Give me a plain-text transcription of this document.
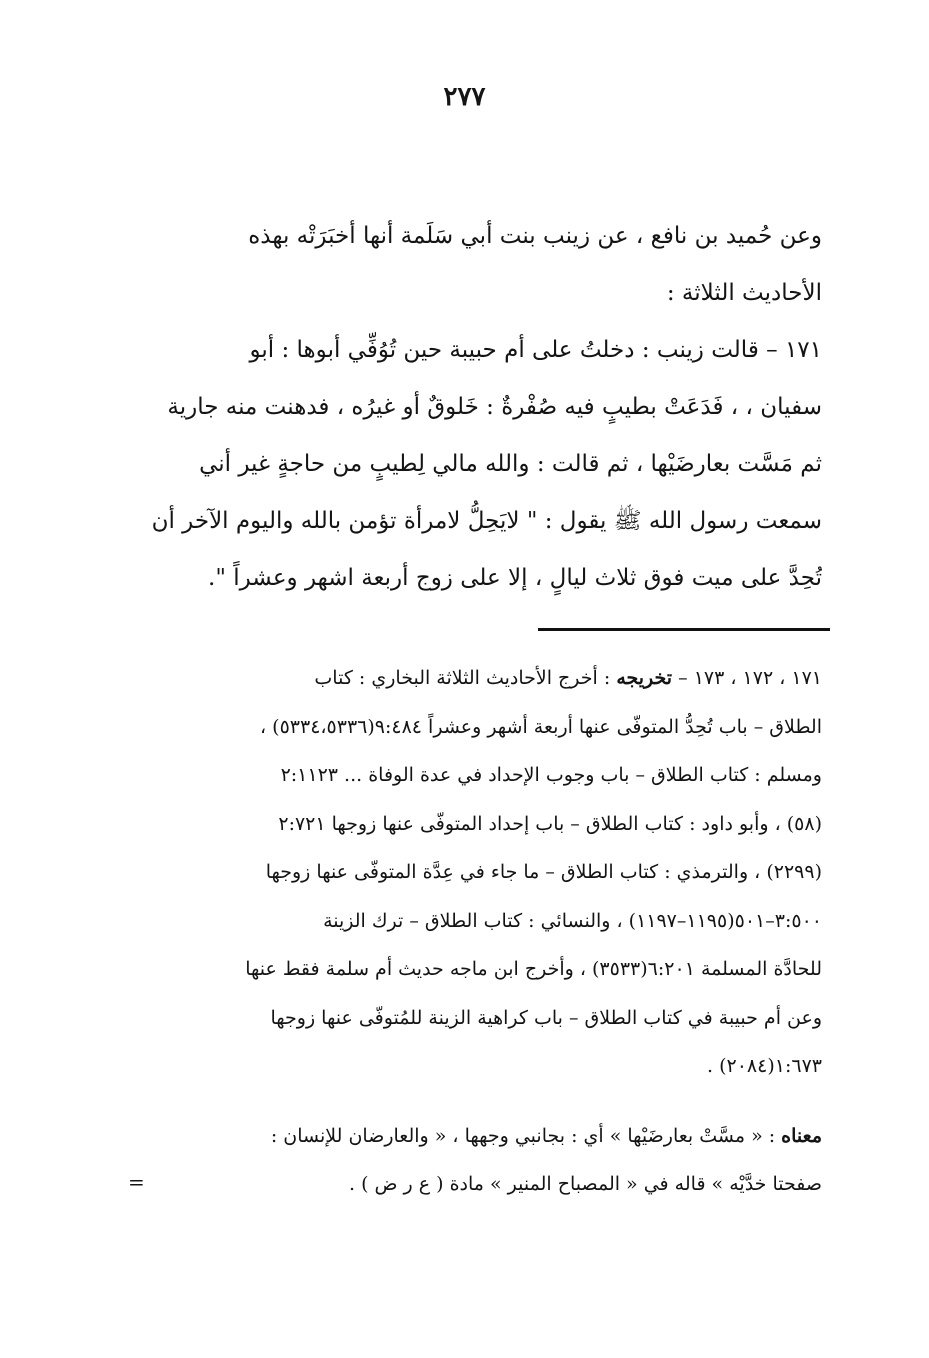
٢٧٧
وعن حُميد بن نافع ، عن زينب بنت أبي سَلَمة أنها أخبَرَتْه بهذه
الأحاديث الثلاثة :
١٧١ – قالت زينب : دخلتُ على أم حبيبة حين تُوُفِّي أبوها : أبو
سفيان ، ، فَدَعَتْ بطيبٍ فيه صُفْرةٌ : خَلوقٌ أو غيرُه ، فدهنت منه جارية
ثم مَسَّت بعارضَيْها ، ثم قالت : والله مالي لِطيبٍ من حاجةٍ غير أني
سمعت رسول الله ﷺ يقول : " لايَحِلُّ لامرأة تؤمن بالله واليوم الآخر أن
تُحِدَّ على ميت فوق ثلاث ليالٍ ، إلا على زوج أربعة اشهر وعشراً ".
١٧١ ، ١٧٢ ، ١٧٣ – تخريجه : أخرج الأحاديث الثلاثة البخاري : كتاب
الطلاق – باب تُحِدُّ المتوفّى عنها أربعة أشهر وعشراً ٩:٤٨٤(٥٣٣٤،٥٣٣٦) ،
ومسلم : كتاب الطلاق – باب وجوب الإحداد في عدة الوفاة ... ٢:١١٢٣
(٥٨) ، وأبو داود : كتاب الطلاق – باب إحداد المتوفّى عنها زوجها ٢:٧٢١
(٢٢٩٩) ، والترمذي : كتاب الطلاق – ما جاء في عِدَّة المتوفّى عنها زوجها
٣:٥٠٠–٥٠١(١١٩٥–١١٩٧) ، والنسائي : كتاب الطلاق – ترك الزينة
للحادَّة المسلمة ٦:٢٠١(٣٥٣٣) ، وأخرج ابن ماجه حديث أم سلمة فقط عنها
وعن أم حبيبة في كتاب الطلاق – باب كراهية الزينة للمُتوفّى عنها زوجها
١:٦٧٣(٢٠٨٤) .
معناه : « مسَّتْ بعارضَيْها » أي : بجانبي وجهها ، « والعارضان للإنسان :
صفحتا خدَّيْه » قاله في « المصباح المنير » مادة ( ع ر ض ) .
=
